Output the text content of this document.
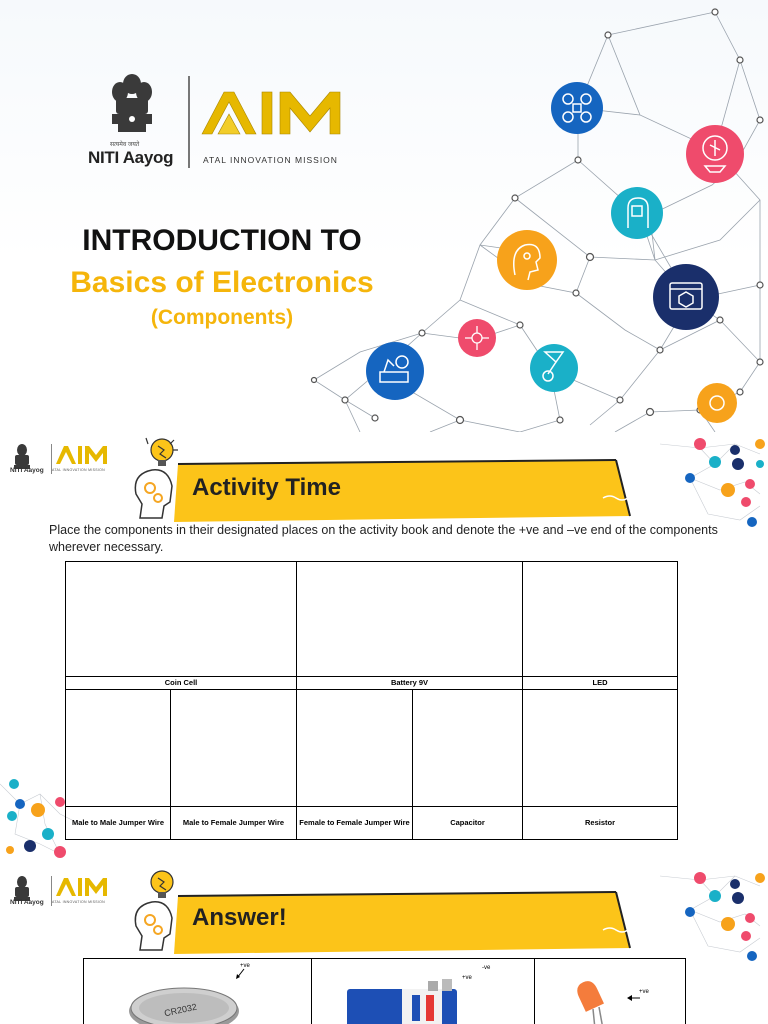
सत्यमेव जयते
NITI Aayog	ATAL INNOVATION MISSION
INTRODUCTION TO
Basics of Electronics
(Components)
NITI Aayog ATAL INNOVATION MISSION
Activity Time
Place the components in their designated places on the activity book and denote the +ve and –ve end of the components wherever necessary.

Coin Cell		Battery 9V		LED

Male to Male Jumper Wire	Male to Female Jumper Wire	Female to Female Jumper Wire	Capacitor	Resistor
NITI Aayog ATAL INNOVATION MISSION
Answer!
CR2032
+ve	-ve
+ve
+ve
